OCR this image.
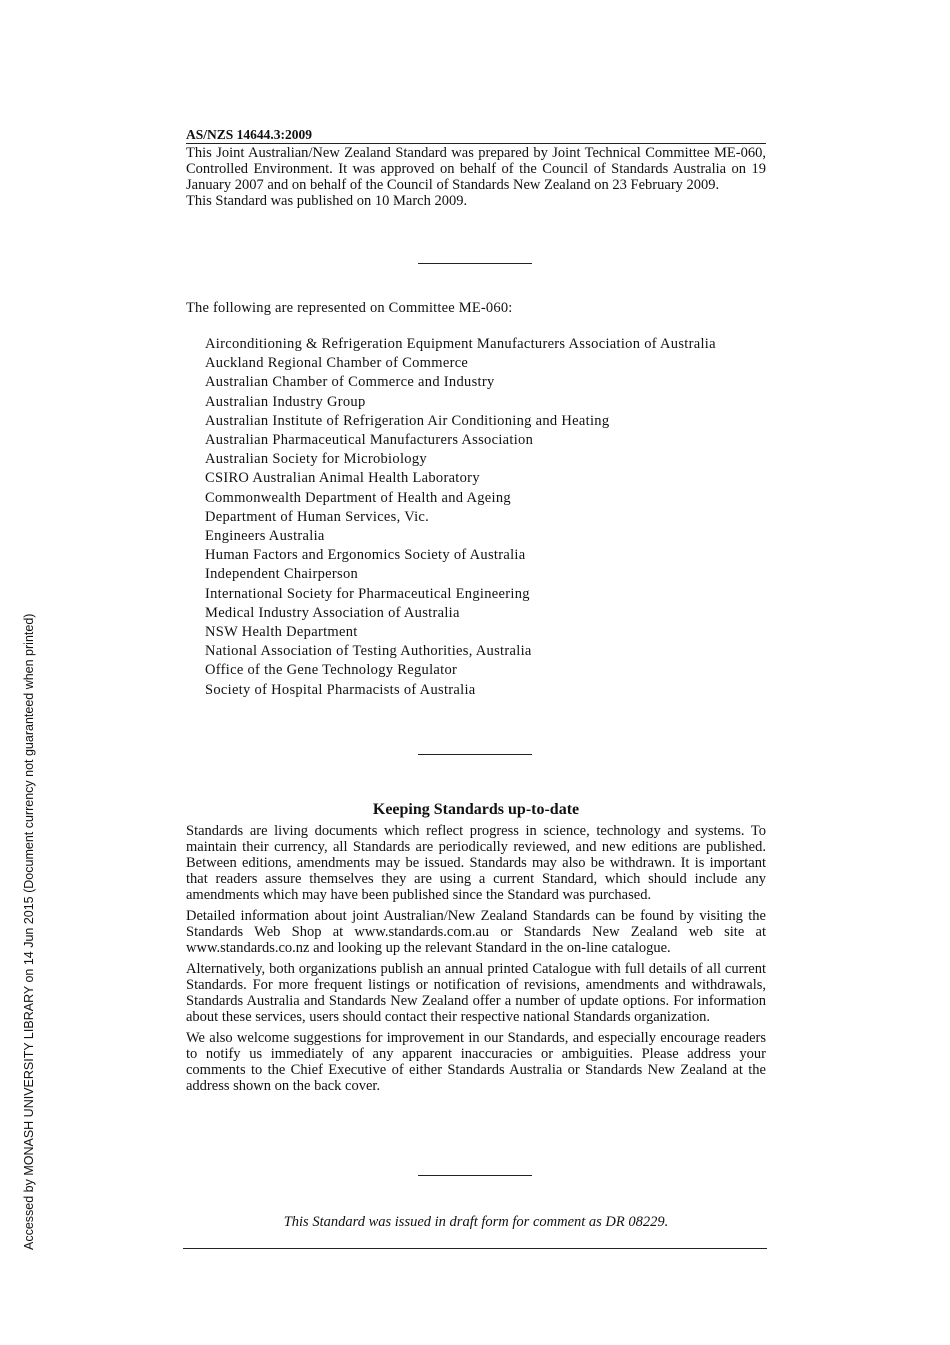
Accessed by MONASH UNIVERSITY LIBRARY on 14 Jun 2015 (Document currency not guaranteed when printed)
AS/NZS 14644.3:2009

This Joint Australian/New Zealand Standard was prepared by Joint Technical Committee ME-060, Controlled Environment. It was approved on behalf of the Council of Standards Australia on 19 January 2007 and on behalf of the Council of Standards New Zealand on 23 February 2009.

This Standard was published on 10 March 2009.

The following are represented on Committee ME-060:
Airconditioning & Refrigeration Equipment Manufacturers Association of Australia
Auckland Regional Chamber of Commerce
Australian Chamber of Commerce and Industry
Australian Industry Group
Australian Institute of Refrigeration Air Conditioning and Heating
Australian Pharmaceutical Manufacturers Association
Australian Society for Microbiology
CSIRO Australian Animal Health Laboratory
Commonwealth Department of Health and Ageing
Department of Human Services, Vic.
Engineers Australia
Human Factors and Ergonomics Society of Australia
Independent Chairperson
International Society for Pharmaceutical Engineering
Medical Industry Association of Australia
NSW Health Department
National Association of Testing Authorities, Australia
Office of the Gene Technology Regulator
Society of Hospital Pharmacists of Australia
Keeping Standards up-to-date

Standards are living documents which reflect progress in science, technology and systems. To maintain their currency, all Standards are periodically reviewed, and new editions are published. Between editions, amendments may be issued. Standards may also be withdrawn. It is important that readers assure themselves they are using a current Standard, which should include any amendments which may have been published since the Standard was purchased.

Detailed information about joint Australian/New Zealand Standards can be found by visiting the Standards Web Shop at www.standards.com.au or Standards New Zealand web site at www.standards.co.nz and looking up the relevant Standard in the on-line catalogue.

Alternatively, both organizations publish an annual printed Catalogue with full details of all current Standards. For more frequent listings or notification of revisions, amendments and withdrawals, Standards Australia and Standards New Zealand offer a number of update options. For information about these services, users should contact their respective national Standards organization.

We also welcome suggestions for improvement in our Standards, and especially encourage readers to notify us immediately of any apparent inaccuracies or ambiguities. Please address your comments to the Chief Executive of either Standards Australia or Standards New Zealand at the address shown on the back cover.

This Standard was issued in draft form for comment as DR 08229.
